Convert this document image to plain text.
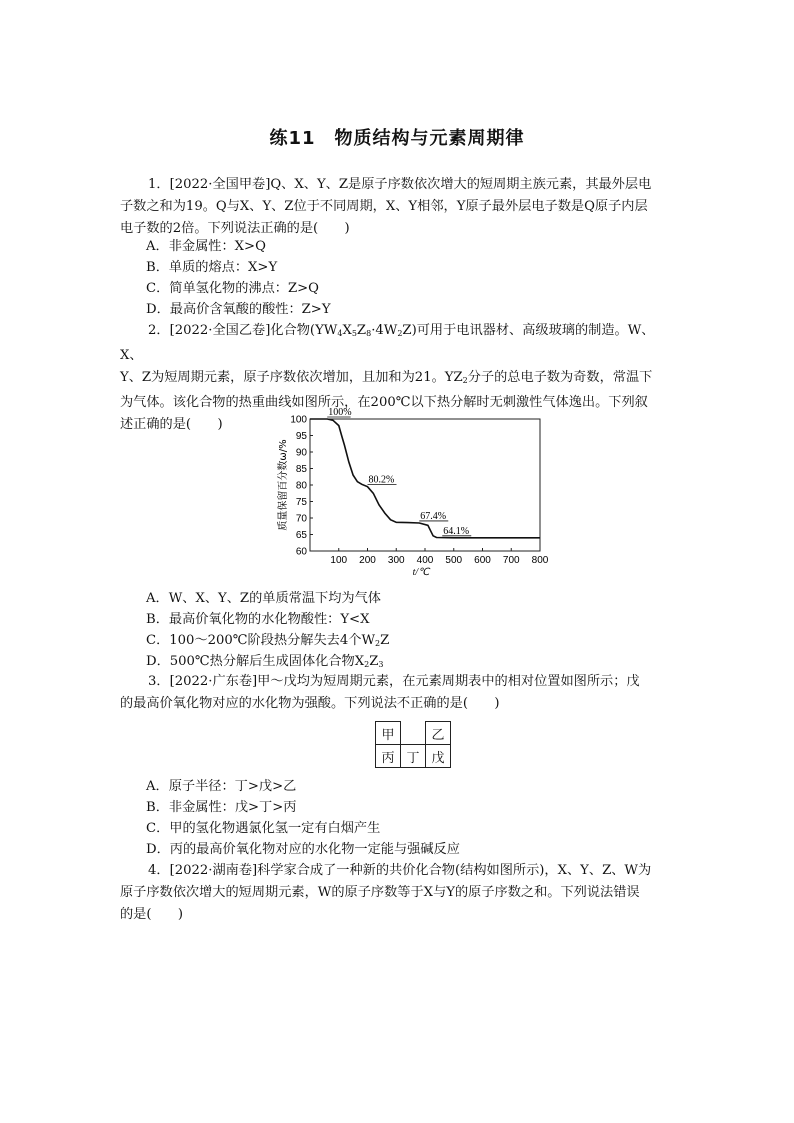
练11　物质结构与元素周期律
1．[2022·全国甲卷]Q、X、Y、Z是原子序数依次增大的短周期主族元素，其最外层电
子数之和为19。Q与X、Y、Z位于不同周期，X、Y相邻，Y原子最外层电子数是Q原子内层
电子数的2倍。下列说法正确的是(　　)
A．非金属性：X>Q
B．单质的熔点：X>Y
C．简单氢化物的沸点：Z>Q
D．最高价含氧酸的酸性：Z>Y
2．[2022·全国乙卷]化合物$(YW_4X_5Z_8\cdot 4W_2Z)$可用于电讯器材、高级玻璃的制造。W、X、
Y、Z为短周期元素，原子序数依次增加，且加和为21。$YZ_2$分子的总电子数为奇数，常温下
为气体。该化合物的热重曲线如图所示，在200℃以下热分解时无刺激性气体逸出。下列叙
述正确的是(　　)
60
65
70
75
80
85
90
95
100
100 200 300 400 500 600 700 800
100%
80.2%
67.4%
64.1%
t/℃
质量保留百分数ω/%
A．W、X、Y、Z的单质常温下均为气体
B．最高价氧化物的水化物酸性：Y<X
C．100～200℃阶段热分解失去4个$W_2Z$
D．500℃热分解后生成固体化合物$X_2Z_3$
3．[2022·广东卷]甲～戊均为短周期元素，在元素周期表中的相对位置如图所示；戊
的最高价氧化物对应的水化物为强酸。下列说法不正确的是(　　)
甲		乙
丙	丁	戊
A．原子半径：丁>戊>乙
B．非金属性：戊>丁>丙
C．甲的氢化物遇氯化氢一定有白烟产生
D．丙的最高价氧化物对应的水化物一定能与强碱反应
4．[2022·湖南卷]科学家合成了一种新的共价化合物(结构如图所示)，X、Y、Z、W为
原子序数依次增大的短周期元素，W的原子序数等于X与Y的原子序数之和。下列说法错误
的是(　　)
